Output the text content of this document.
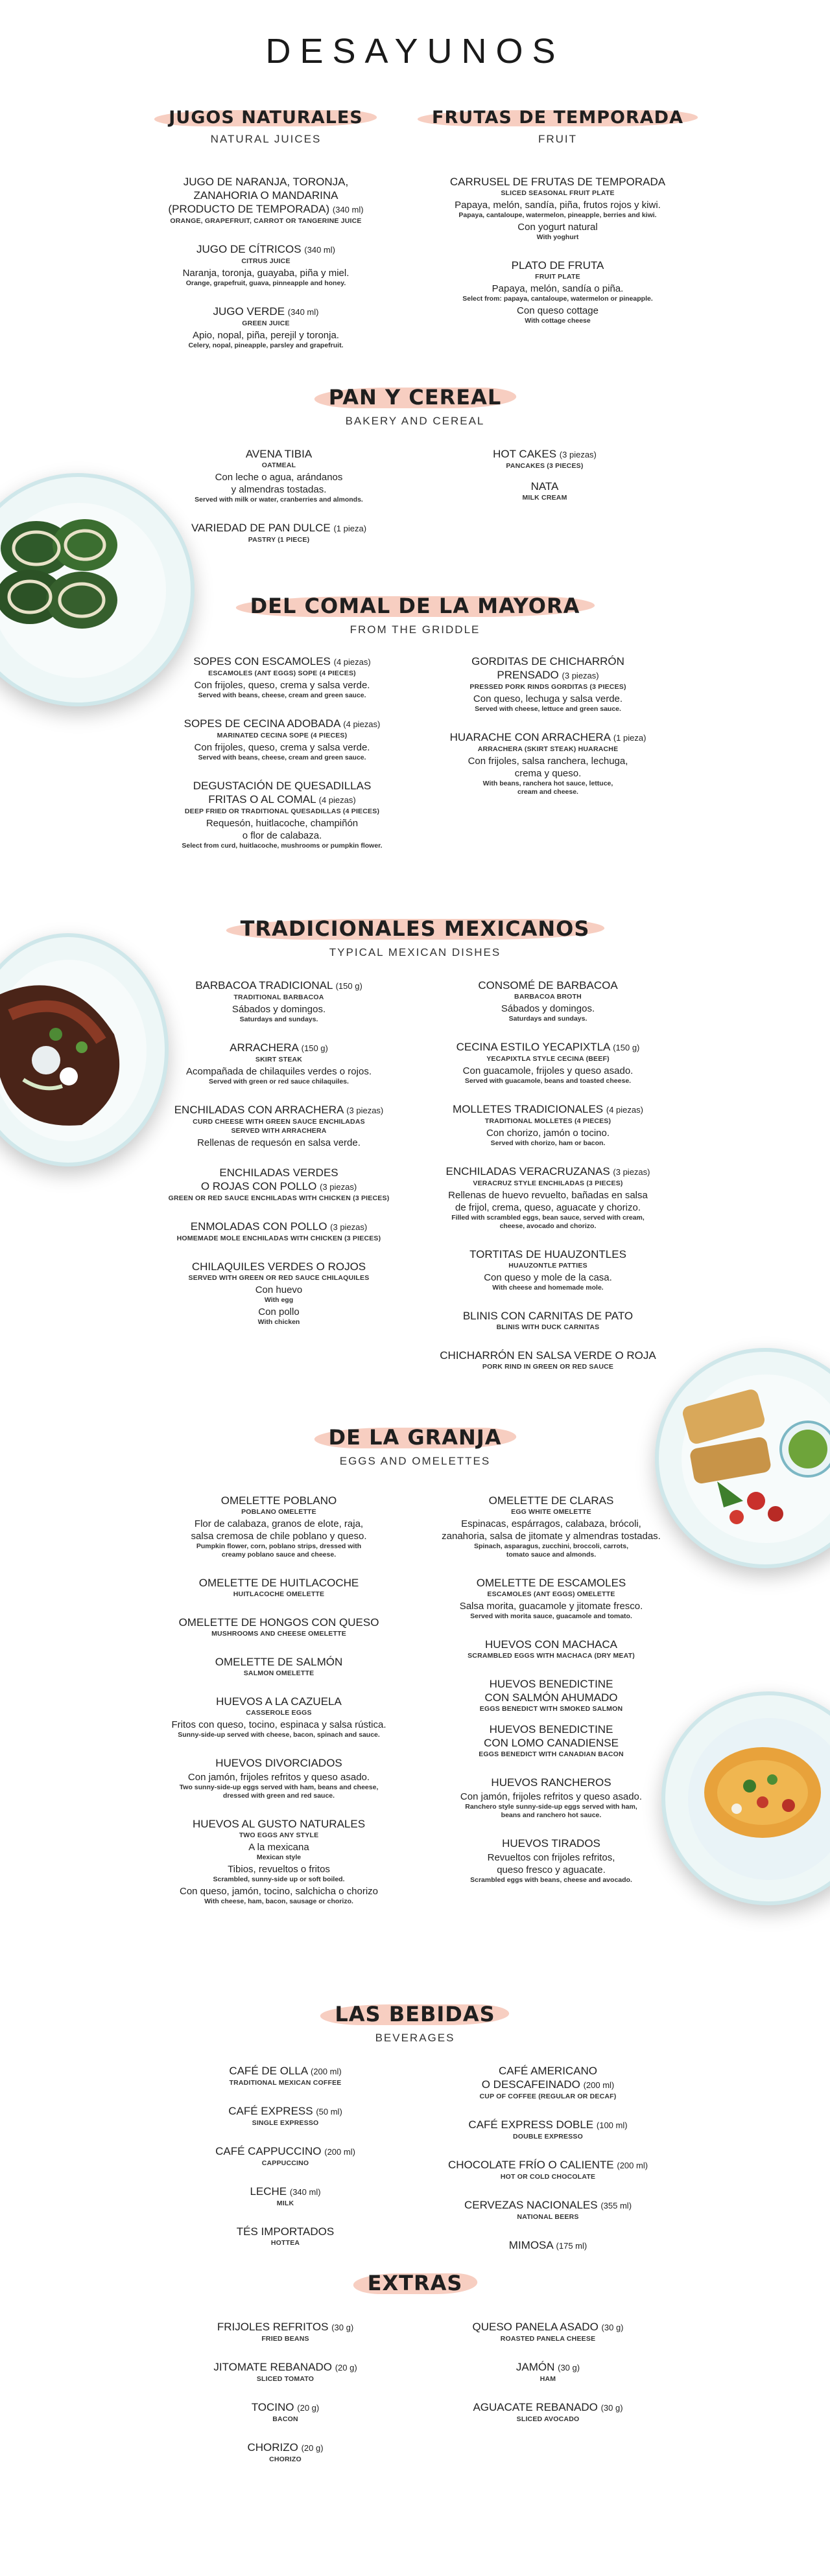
DESAYUNOS
JUGOS NATURALES
NATURAL JUICES
JUGO DE NARANJA, TORONJA,
ZANAHORIA O MANDARINA
(PRODUCTO DE TEMPORADA) (340 ml)
ORANGE, GRAPEFRUIT, CARROT OR TANGERINE JUICE
JUGO DE CÍTRICOS (340 ml)
CITRUS JUICE
Naranja, toronja, guayaba, piña y miel.
Orange, grapefruit, guava, pinneapple and honey.
JUGO VERDE (340 ml)
GREEN JUICE
Apio, nopal, piña, perejil y toronja.
Celery, nopal, pineapple, parsley and grapefruit.
FRUTAS DE TEMPORADA
FRUIT
CARRUSEL DE FRUTAS DE TEMPORADA
SLICED SEASONAL FRUIT PLATE
Papaya, melón, sandía, piña, frutos rojos y kiwi.
Papaya, cantaloupe, watermelon, pineapple, berries and kiwi.
Con yogurt natural
With yoghurt
PLATO DE FRUTA
FRUIT PLATE
Papaya, melón, sandía o piña.
Select from: papaya, cantaloupe, watermelon or pineapple.
Con queso cottage
With cottage cheese
PAN Y CEREAL
BAKERY AND CEREAL
AVENA TIBIA
OATMEAL
Con leche o agua, arándanos
y almendras tostadas.
Served with milk or water, cranberries and almonds.
VARIEDAD DE PAN DULCE (1 pieza)
PASTRY (1 PIECE)
HOT CAKES (3 piezas)
PANCAKES (3 PIECES)
NATA
MILK CREAM
DEL COMAL DE LA MAYORA
FROM THE GRIDDLE
SOPES CON ESCAMOLES (4 piezas)
ESCAMOLES (ANT EGGS) SOPE (4 PIECES)
Con frijoles, queso, crema y salsa verde.
Served with beans, cheese, cream and green sauce.
SOPES DE CECINA ADOBADA (4 piezas)
MARINATED CECINA SOPE (4 PIECES)
Con frijoles, queso, crema y salsa verde.
Served with beans, cheese, cream and green sauce.
DEGUSTACIÓN DE QUESADILLAS
FRITAS O AL COMAL (4 piezas)
DEEP FRIED OR TRADITIONAL QUESADILLAS (4 PIECES)
Requesón, huitlacoche, champiñón
o flor de calabaza.
Select from curd, huitlacoche, mushrooms or pumpkin flower.
GORDITAS DE CHICHARRÓN
PRENSADO (3 piezas)
PRESSED PORK RINDS GORDITAS (3 PIECES)
Con queso, lechuga y salsa verde.
Served with cheese, lettuce and green sauce.
HUARACHE CON ARRACHERA (1 pieza)
ARRACHERA (SKIRT STEAK) HUARACHE
Con frijoles, salsa ranchera, lechuga,
crema y queso.
With beans, ranchera hot sauce, lettuce,
cream and cheese.
TRADICIONALES MEXICANOS
TYPICAL MEXICAN DISHES
BARBACOA TRADICIONAL (150 g)
TRADITIONAL BARBACOA
Sábados y domingos.
Saturdays and sundays.
ARRACHERA (150 g)
SKIRT STEAK
Acompañada de chilaquiles verdes o rojos.
Served with green or red sauce chilaquiles.
ENCHILADAS CON ARRACHERA (3 piezas)
CURD CHEESE WITH GREEN SAUCE ENCHILADAS
SERVED WITH ARRACHERA
Rellenas de requesón en salsa verde.
ENCHILADAS VERDES
O ROJAS CON POLLO (3 piezas)
GREEN OR RED SAUCE ENCHILADAS WITH CHICKEN (3 PIECES)
ENMOLADAS CON POLLO (3 piezas)
HOMEMADE MOLE ENCHILADAS WITH CHICKEN (3 PIECES)
CHILAQUILES VERDES O ROJOS
SERVED WITH GREEN OR RED SAUCE CHILAQUILES
Con huevo
With egg
Con pollo
With chicken
CONSOMÉ DE BARBACOA
BARBACOA BROTH
Sábados y domingos.
Saturdays and sundays.
CECINA ESTILO YECAPIXTLA (150 g)
YECAPIXTLA STYLE CECINA (BEEF)
Con guacamole, frijoles y queso asado.
Served with guacamole, beans and toasted cheese.
MOLLETES TRADICIONALES (4 piezas)
TRADITIONAL MOLLETES (4 PIECES)
Con chorizo, jamón o tocino.
Served with chorizo, ham or bacon.
ENCHILADAS VERACRUZANAS (3 piezas)
VERACRUZ STYLE ENCHILADAS (3 PIECES)
Rellenas de huevo revuelto, bañadas en salsa
de frijol, crema, queso, aguacate y chorizo.
Filled with scrambled eggs, bean sauce, served with cream,
cheese, avocado and chorizo.
TORTITAS DE HUAUZONTLES
HUAUZONTLE PATTIES
Con queso y mole de la casa.
With cheese and homemade mole.
BLINIS CON CARNITAS DE PATO
BLINIS WITH DUCK CARNITAS
CHICHARRÓN EN SALSA VERDE O ROJA
PORK RIND IN GREEN OR RED SAUCE
DE LA GRANJA
EGGS AND OMELETTES
OMELETTE POBLANO
POBLANO OMELETTE
Flor de calabaza, granos de elote, raja,
salsa cremosa de chile poblano y queso.
Pumpkin flower, corn, poblano strips, dressed with
creamy poblano sauce and cheese.
OMELETTE DE HUITLACOCHE
HUITLACOCHE OMELETTE
OMELETTE DE HONGOS CON QUESO
MUSHROOMS AND CHEESE OMELETTE
OMELETTE DE SALMÓN
SALMON OMELETTE
HUEVOS A LA CAZUELA
CASSEROLE EGGS
Fritos con queso, tocino, espinaca y salsa rústica.
Sunny-side-up served with cheese, bacon, spinach and sauce.
HUEVOS DIVORCIADOS
Con jamón, frijoles refritos y queso asado.
Two sunny-side-up eggs served with ham, beans and cheese,
dressed with green and red sauce.
HUEVOS AL GUSTO NATURALES
TWO EGGS ANY STYLE
A la mexicana
Mexican style
Tibios, revueltos o fritos
Scrambled, sunny-side up or soft boiled.
Con queso, jamón, tocino, salchicha o chorizo
With cheese, ham, bacon, sausage or chorizo.
OMELETTE DE CLARAS
EGG WHITE OMELETTE
Espinacas, espárragos, calabaza, brócoli,
zanahoria, salsa de jitomate y almendras tostadas.
Spinach, asparagus, zucchini, broccoli, carrots,
tomato sauce and almonds.
OMELETTE DE ESCAMOLES
ESCAMOLES (ANT EGGS) OMELETTE
Salsa morita, guacamole y jitomate fresco.
Served with morita sauce, guacamole and tomato.
HUEVOS CON MACHACA
SCRAMBLED EGGS WITH MACHACA (DRY MEAT)
HUEVOS BENEDICTINE
CON SALMÓN AHUMADO
EGGS BENEDICT WITH SMOKED SALMON
HUEVOS BENEDICTINE
CON LOMO CANADIENSE
EGGS BENEDICT WITH CANADIAN BACON
HUEVOS RANCHEROS
Con jamón, frijoles refritos y queso asado.
Ranchero style sunny-side-up eggs served with ham,
beans and ranchero hot sauce.
HUEVOS TIRADOS
Revueltos con frijoles refritos,
queso fresco y aguacate.
Scrambled eggs with beans, cheese and avocado.
LAS BEBIDAS
BEVERAGES
CAFÉ DE OLLA (200 ml)
TRADITIONAL MEXICAN COFFEE
CAFÉ EXPRESS (50 ml)
SINGLE EXPRESSO
CAFÉ CAPPUCCINO (200 ml)
CAPPUCCINO
LECHE (340 ml)
MILK
TÉS IMPORTADOS
HOTTEA
CAFÉ AMERICANO
O DESCAFEINADO (200 ml)
CUP OF COFFEE (REGULAR OR DECAF)
CAFÉ EXPRESS DOBLE (100 ml)
DOUBLE EXPRESSO
CHOCOLATE FRÍO O CALIENTE (200 ml)
HOT OR COLD CHOCOLATE
CERVEZAS NACIONALES (355 ml)
NATIONAL BEERS
MIMOSA (175 ml)
EXTRAS
FRIJOLES REFRITOS (30 g)
FRIED BEANS
JITOMATE REBANADO (20 g)
SLICED TOMATO
TOCINO (20 g)
BACON
CHORIZO (20 g)
CHORIZO
QUESO PANELA ASADO (30 g)
ROASTED PANELA CHEESE
JAMÓN (30 g)
HAM
AGUACATE REBANADO (30 g)
SLICED AVOCADO
